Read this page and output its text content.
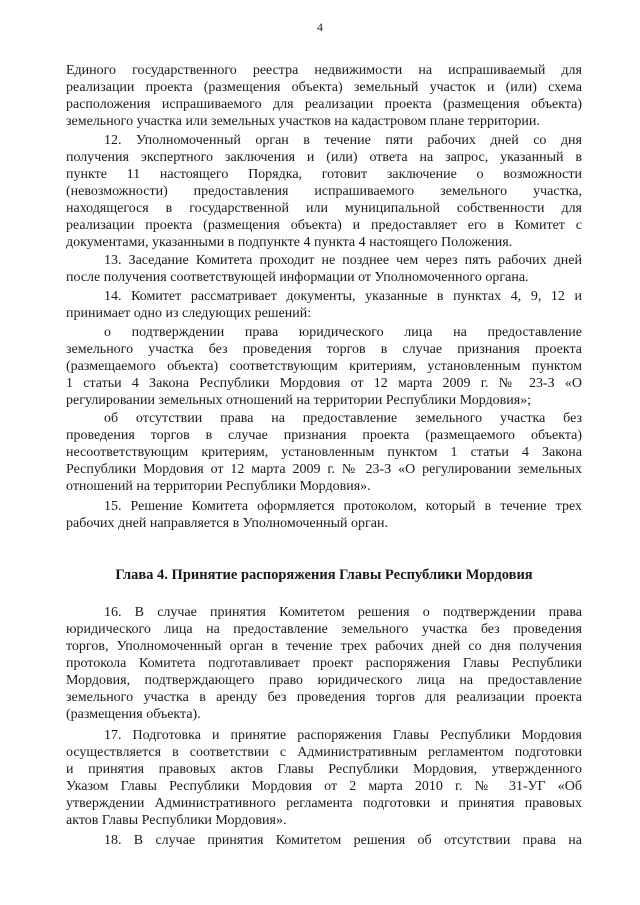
4
Единого государственного реестра недвижимости на испрашиваемый для
реализации проекта (размещения объекта) земельный участок и (или) схема
расположения испрашиваемого для реализации проекта (размещения объекта)
земельного участка или земельных участков на кадастровом плане территории.
12. Уполномоченный орган в течение пяти рабочих дней со дня
получения экспертного заключения и (или) ответа на запрос, указанный в
пункте 11 настоящего Порядка, готовит заключение о возможности
(невозможности) предоставления испрашиваемого земельного участка,
находящегося в государственной или муниципальной собственности для
реализации проекта (размещения объекта) и предоставляет его в Комитет с
документами, указанными в подпункте 4 пункта 4 настоящего Положения.
13. Заседание Комитета проходит не позднее чем через пять рабочих дней
после получения соответствующей информации от Уполномоченного органа.
14. Комитет рассматривает документы, указанные в пунктах 4, 9, 12 и
принимает одно из следующих решений:
о подтверждении права юридического лица на предоставление
земельного участка без проведения торгов в случае признания проекта
(размещаемого объекта) соответствующим критериям, установленным пунктом
1 статьи 4 Закона Республики Мордовия от 12 марта 2009 г. № 23-З «О
регулировании земельных отношений на территории Республики Мордовия»;
об отсутствии права на предоставление земельного участка без
проведения торгов в случае признания проекта (размещаемого объекта)
несоответствующим критериям, установленным пунктом 1 статьи 4 Закона
Республики Мордовия от 12 марта 2009 г. № 23-З «О регулировании земельных
отношений на территории Республики Мордовия».
15. Решение Комитета оформляется протоколом, который в течение трех
рабочих дней направляется в Уполномоченный орган.
Глава 4. Принятие распоряжения Главы Республики Мордовия
16. В случае принятия Комитетом решения о подтверждении права
юридического лица на предоставление земельного участка без проведения
торгов, Уполномоченный орган в течение трех рабочих дней со дня получения
протокола Комитета подготавливает проект распоряжения Главы Республики
Мордовия, подтверждающего право юридического лица на предоставление
земельного участка в аренду без проведения торгов для реализации проекта
(размещения объекта).
17. Подготовка и принятие распоряжения Главы Республики Мордовия
осуществляется в соответствии с Административным регламентом подготовки
и принятия правовых актов Главы Республики Мордовия, утвержденного
Указом Главы Республики Мордовия от 2 марта 2010 г. № 31-УГ «Об
утверждении Административного регламента подготовки и принятия правовых
актов Главы Республики Мордовия».
18. В случае принятия Комитетом решения об отсутствии права на
